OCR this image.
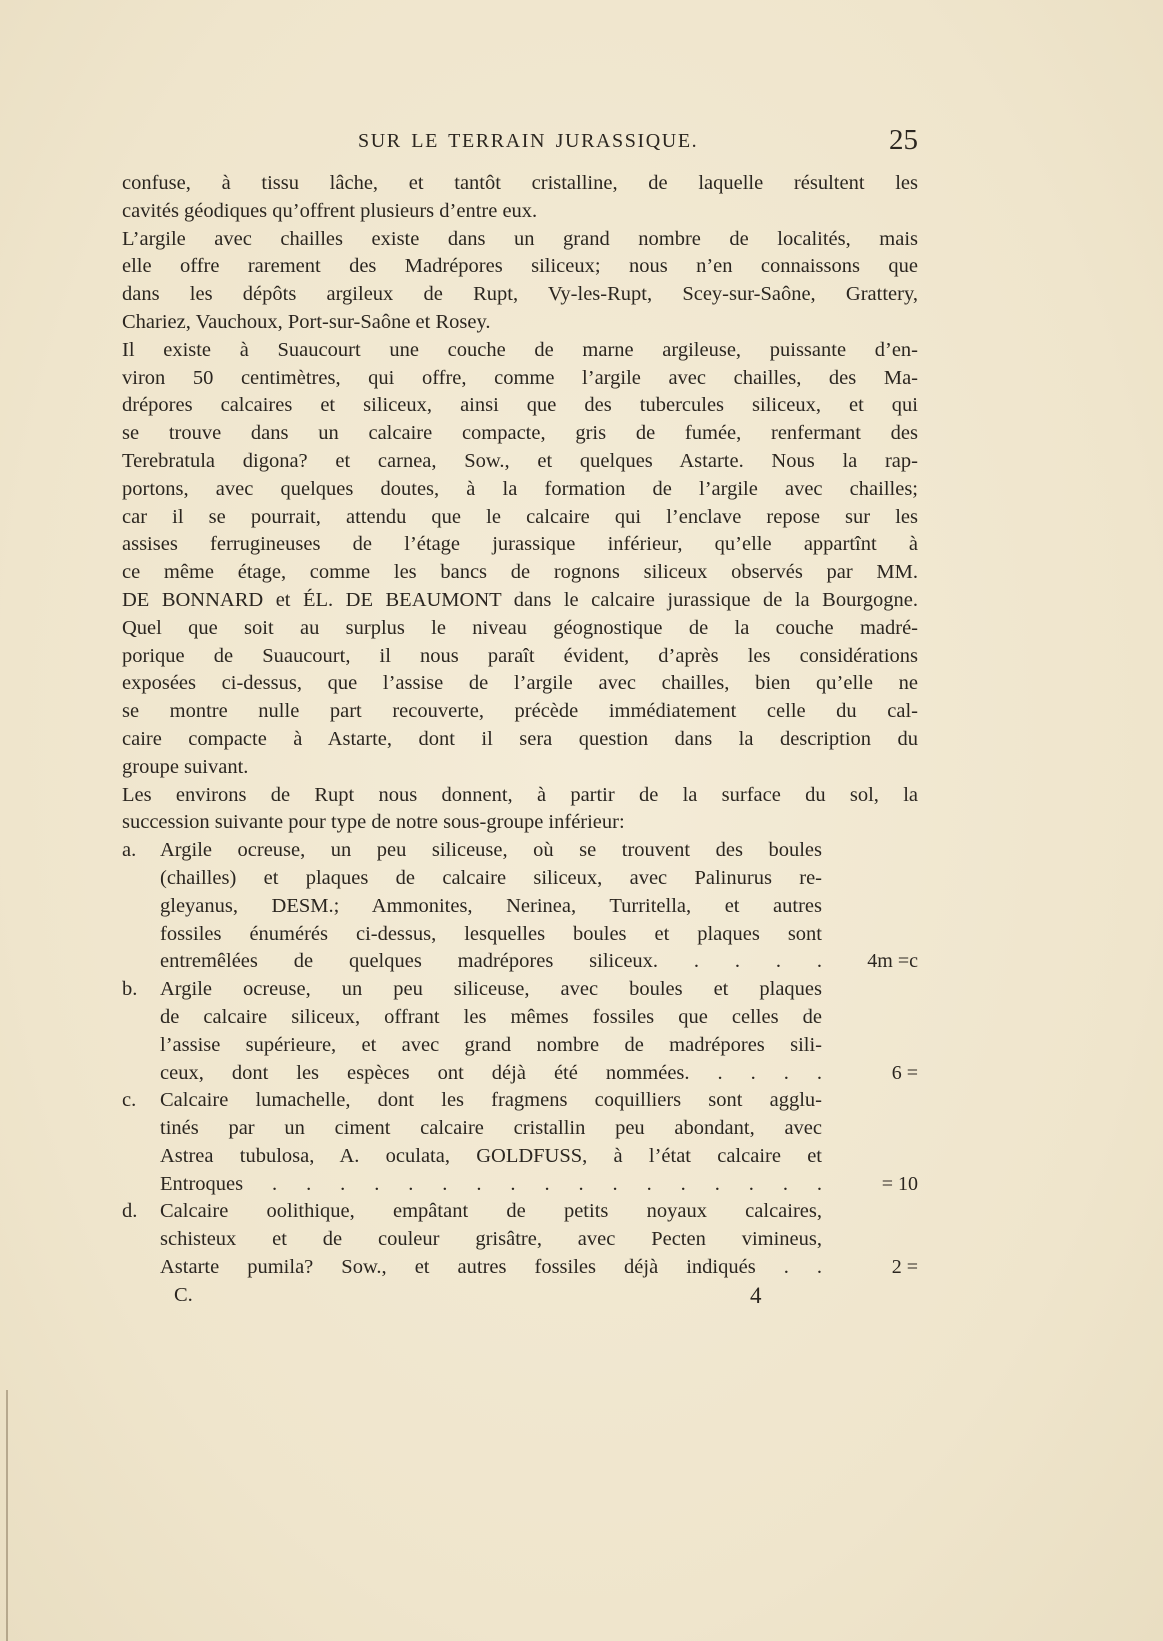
SUR LE TERRAIN JURASSIQUE.	25
confuse, à tissu lâche, et tantôt cristalline, de laquelle résultent les
cavités géodiques qu’offrent plusieurs d’entre eux.
L’argile avec chailles existe dans un grand nombre de localités, mais
elle offre rarement des Madrépores siliceux; nous n’en connaissons que
dans les dépôts argileux de Rupt, Vy-les-Rupt, Scey-sur-Saône, Grattery,
Chariez, Vauchoux, Port-sur-Saône et Rosey.
Il existe à Suaucourt une couche de marne argileuse, puissante d’en-
viron 50 centimètres, qui offre, comme l’argile avec chailles, des Ma-
drépores calcaires et siliceux, ainsi que des tubercules siliceux, et qui
se trouve dans un calcaire compacte, gris de fumée, renfermant des
Terebratula digona? et carnea, Sow., et quelques Astarte. Nous la rap-
portons, avec quelques doutes, à la formation de l’argile avec chailles;
car il se pourrait, attendu que le calcaire qui l’enclave repose sur les
assises ferrugineuses de l’étage jurassique inférieur, qu’elle appartînt à
ce même étage, comme les bancs de rognons siliceux observés par MM.
DE BONNARD et ÉL. DE BEAUMONT dans le calcaire jurassique de la Bourgogne.
Quel que soit au surplus le niveau géognostique de la couche madré-
porique de Suaucourt, il nous paraît évident, d’après les considérations
exposées ci-dessus, que l’assise de l’argile avec chailles, bien qu’elle ne
se montre nulle part recouverte, précède immédiatement celle du cal-
caire compacte à Astarte, dont il sera question dans la description du
groupe suivant.
Les environs de Rupt nous donnent, à partir de la surface du sol, la
succession suivante pour type de notre sous-groupe inférieur:
a. Argile ocreuse, un peu siliceuse, où se trouvent des boules
(chailles) et plaques de calcaire siliceux, avec Palinurus re-
gleyanus, DESM.; Ammonites, Nerinea, Turritella, et autres
fossiles énumérés ci-dessus, lesquelles boules et plaques sont
entremêlées de quelques madrépores siliceux. . . . . 4m =c
b. Argile ocreuse, un peu siliceuse, avec boules et plaques
de calcaire siliceux, offrant les mêmes fossiles que celles de
l’assise supérieure, et avec grand nombre de madrépores sili-
ceux, dont les espèces ont déjà été nommées. . . . .	6 =
c. Calcaire lumachelle, dont les fragmens coquilliers sont agglu-
tinés par un ciment calcaire cristallin peu abondant, avec
Astrea tubulosa, A. oculata, GOLDFUSS, à l’état calcaire et
Entroques . . . . . . . . . . . . . . . . .	= 10
d. Calcaire oolithique, empâtant de petits noyaux calcaires,
schisteux et de couleur grisâtre, avec Pecten vimineus,
Astarte pumila? Sow., et autres fossiles déjà indiqués . .	2 =
C.	4
